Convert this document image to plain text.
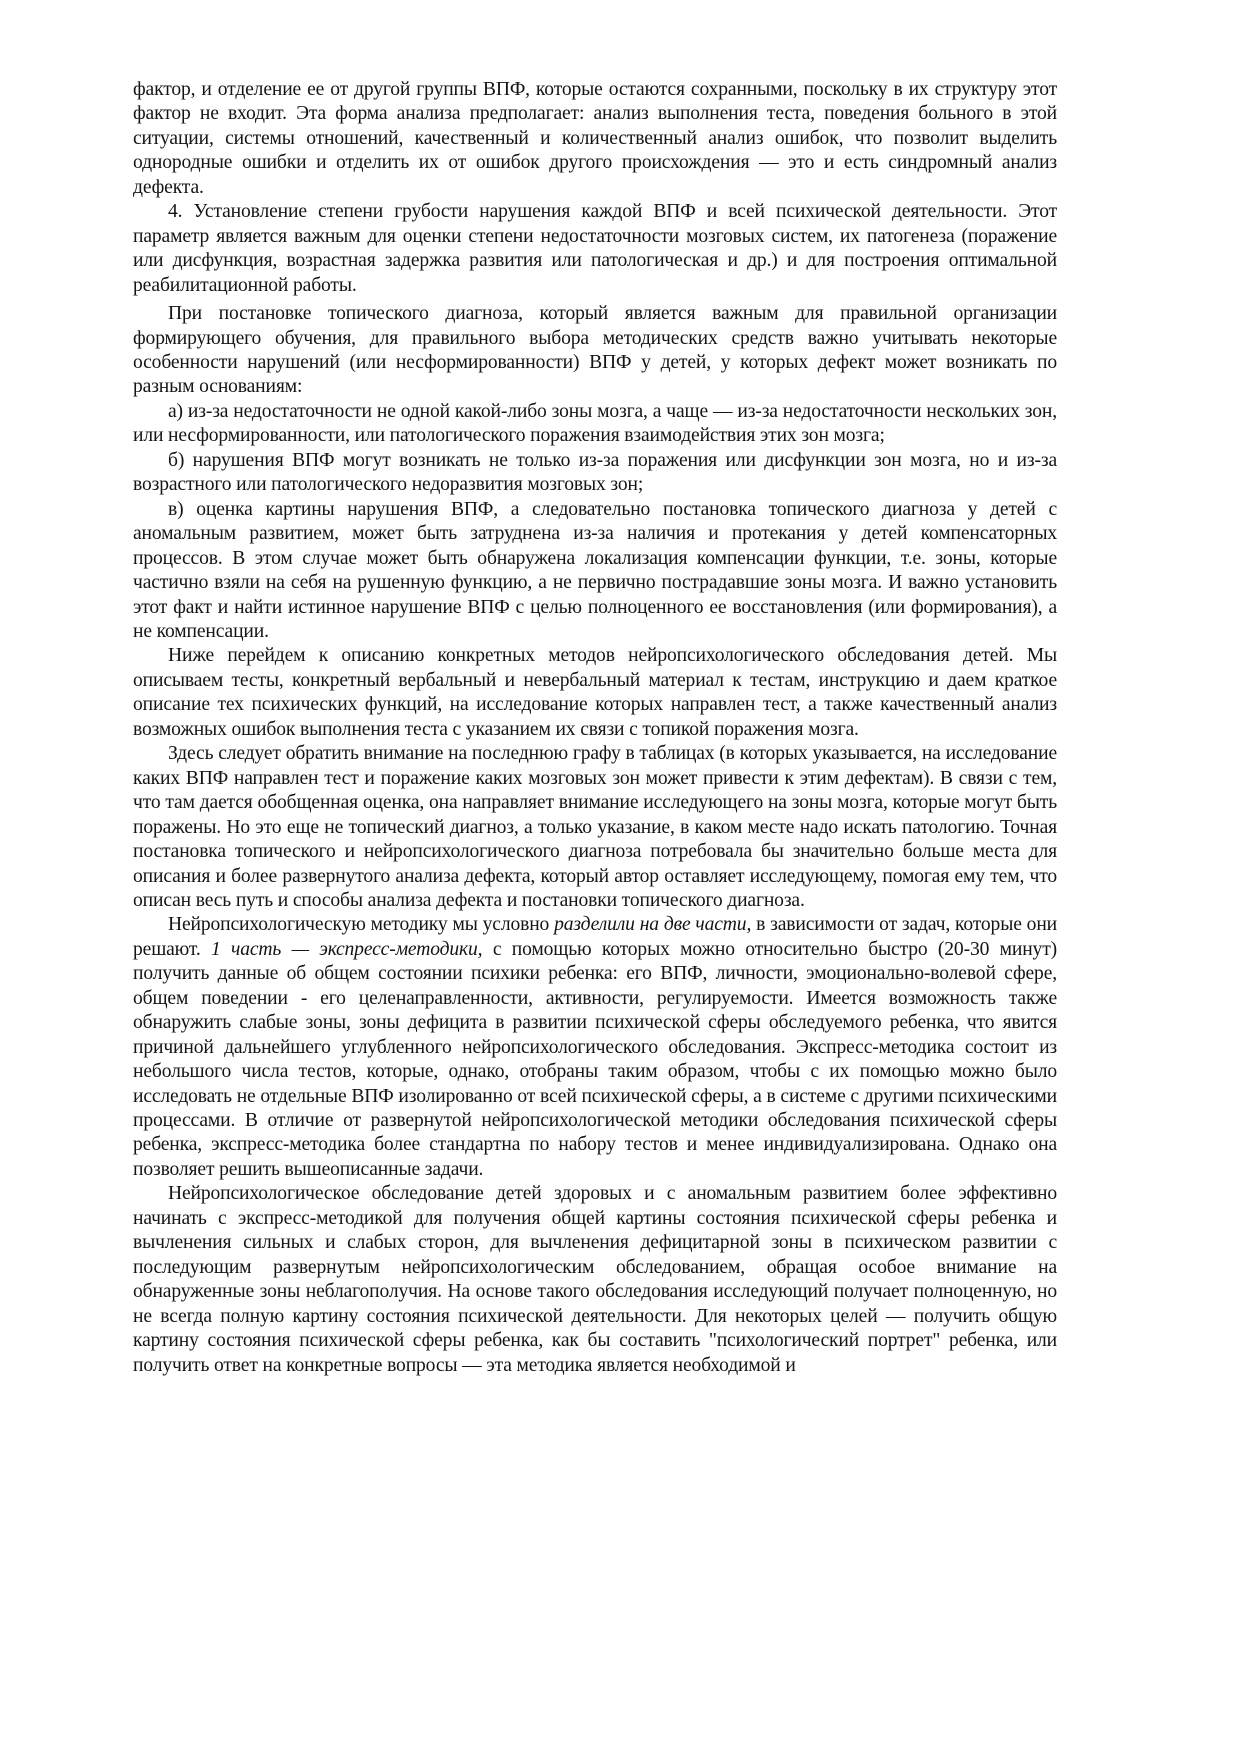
фактор, и отделение ее от другой группы ВПФ, которые остаются сохранными, поскольку в их структуру этот фактор не входит. Эта форма анализа предполагает: анализ выполнения теста, поведения больного в этой ситуации, системы отношений, качественный и количественный анализ ошибок, что позволит выделить однородные ошибки и отделить их от ошибок другого происхождения — это и есть синдромный анализ дефекта.

4. Установление степени грубости нарушения каждой ВПФ и всей психической деятельности. Этот параметр является важным для оценки степени недостаточности мозговых систем, их патогенеза (поражение или дисфункция, возрастная задержка развития или патологическая и др.) и для построения оптимальной реабилитационной работы.

При постановке топического диагноза, который является важным для правильной организации формирующего обучения, для правильного выбора методических средств важно учитывать некоторые особенности нарушений (или несформированности) ВПФ у детей, у которых дефект может возникать по разным основаниям:

а) из-за недостаточности не одной какой-либо зоны мозга, а чаще — из-за недостаточности нескольких зон, или несформированности, или патологического поражения взаимодействия этих зон мозга;

б) нарушения ВПФ могут возникать не только из-за поражения или дисфункции зон мозга, но и из-за возрастного или патологического недоразвития мозговых зон;

в) оценка картины нарушения ВПФ, а следовательно постановка топического диагноза у детей с аномальным развитием, может быть затруднена из-за наличия и протекания у детей компенсаторных процессов. В этом случае может быть обнаружена локализация компенсации функции, т.е. зоны, которые частично взяли на себя на рушенную функцию, а не первично пострадавшие зоны мозга. И важно установить этот факт и найти истинное нарушение ВПФ с целью полноценного ее восстановления (или формирования), а не компенсации.

Ниже перейдем к описанию конкретных методов нейропсихологического обследования детей. Мы описываем тесты, конкретный вербальный и невербальный материал к тестам, инструкцию и даем краткое описание тех психических функций, на исследование которых направлен тест, а также качественный анализ возможных ошибок выполнения теста с указанием их связи с топикой поражения мозга.

Здесь следует обратить внимание на последнюю графу в таблицах (в которых указывается, на исследование каких ВПФ направлен тест и поражение каких мозговых зон может привести к этим дефектам). В связи с тем, что там дается обобщенная оценка, она направляет внимание исследующего на зоны мозга, которые могут быть поражены. Но это еще не топический диагноз, а только указание, в каком месте надо искать патологию. Точная постановка топического и нейропсихологического диагноза потребовала бы значительно больше места для описания и более развернутого анализа дефекта, который автор оставляет исследующему, помогая ему тем, что описан весь путь и способы анализа дефекта и постановки топического диагноза.

Нейропсихологическую методику мы условно разделили на две части, в зависимости от задач, которые они решают. 1 часть — экспресс-методики, с помощью которых можно относительно быстро (20-30 минут) получить данные об общем состоянии психики ребенка: его ВПФ, личности, эмоционально-волевой сфере, общем поведении - его целенаправленности, активности, регулируемости. Имеется возможность также обнаружить слабые зоны, зоны дефицита в развитии психической сферы обследуемого ребенка, что явится причиной дальнейшего углубленного нейропсихологического обследования. Экспресс-методика состоит из небольшого числа тестов, которые, однако, отобраны таким образом, чтобы с их помощью можно было исследовать не отдельные ВПФ изолированно от всей психической сферы, а в системе с другими психическими процессами. В отличие от развернутой нейропсихологической методики обследования психической сферы ребенка, экспресс-методика более стандартна по набору тестов и менее индивидуализирована. Однако она позволяет решить вышеописанные задачи.

Нейропсихологическое обследование детей здоровых и с аномальным развитием более эффективно начинать с экспресс-методикой для получения общей картины состояния психической сферы ребенка и вычленения сильных и слабых сторон, для вычленения дефицитарной зоны в психическом развитии с последующим развернутым нейропсихологическим обследованием, обращая особое внимание на обнаруженные зоны неблагополучия. На основе такого обследования исследующий получает полноценную, но не всегда полную картину состояния психической деятельности. Для некоторых целей — получить общую картину состояния психической сферы ребенка, как бы составить "психологический портрет" ребенка, или получить ответ на конкретные вопросы — эта методика является необходимой и
